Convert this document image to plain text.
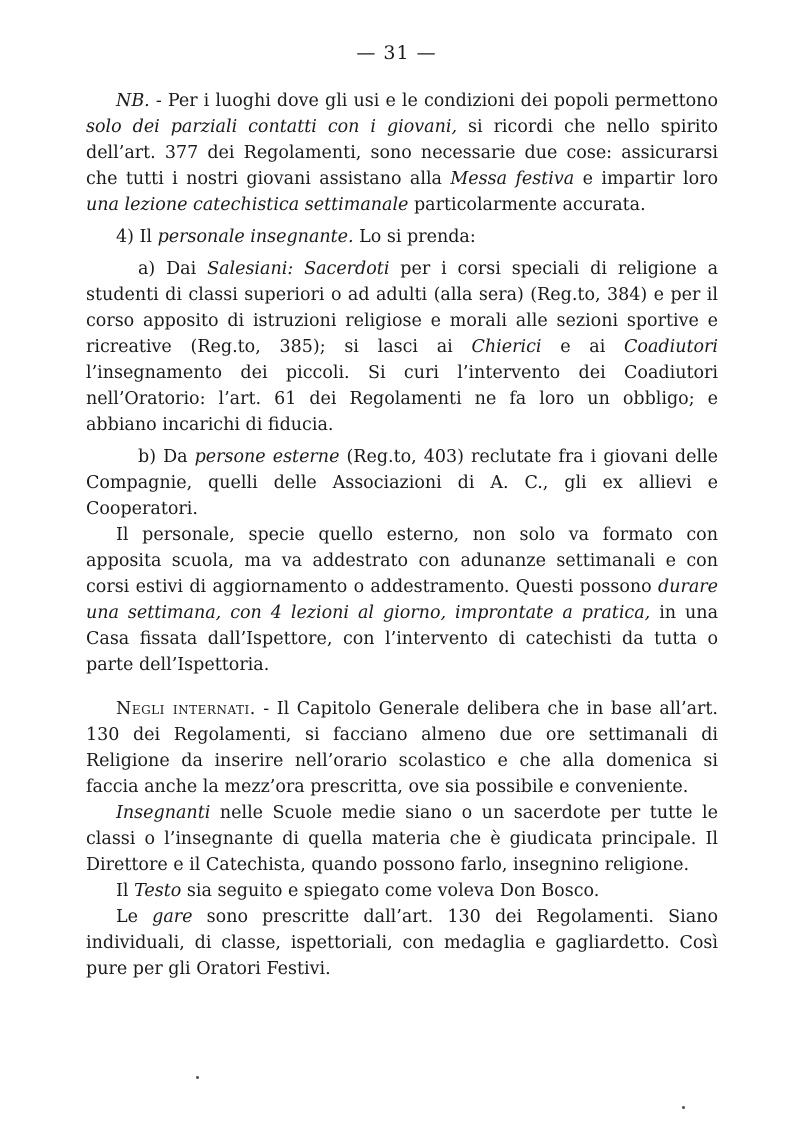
— 31 —

NB. - Per i luoghi dove gli usi e le condizioni dei popoli permettono solo dei parziali contatti con i giovani, si ricordi che nello spirito dell’art. 377 dei Regolamenti, sono necessarie due cose: assicurarsi che tutti i nostri giovani assistano alla Messa festiva e impartir loro una lezione catechistica settimanale particolarmente accurata.

4) Il personale insegnante. Lo si prenda:

a) Dai Salesiani: Sacerdoti per i corsi speciali di religione a studenti di classi superiori o ad adulti (alla sera) (Reg.to, 384) e per il corso apposito di istruzioni religiose e morali alle sezioni sportive e ricreative (Reg.to, 385); si lasci ai Chierici e ai Coadiutori l’insegnamento dei piccoli. Si curi l’intervento dei Coadiutori nell’Oratorio: l’art. 61 dei Regolamenti ne fa loro un obbligo; e abbiano incarichi di fiducia.

b) Da persone esterne (Reg.to, 403) reclutate fra i giovani delle Compagnie, quelli delle Associazioni di A. C., gli ex allievi e Cooperatori.

Il personale, specie quello esterno, non solo va formato con apposita scuola, ma va addestrato con adunanze settimanali e con corsi estivi di aggiornamento o addestramento. Questi possono durare una settimana, con 4 lezioni al giorno, improntate a pratica, in una Casa fissata dall’Ispettore, con l’intervento di catechisti da tutta o parte dell’Ispettoria.

Negli internati. - Il Capitolo Generale delibera che in base all’art. 130 dei Regolamenti, si facciano almeno due ore settimanali di Religione da inserire nell’orario scolastico e che alla domenica si faccia anche la mezz’ora prescritta, ove sia possibile e conveniente.

Insegnanti nelle Scuole medie siano o un sacerdote per tutte le classi o l’insegnante di quella materia che è giudicata principale. Il Direttore e il Catechista, quando possono farlo, insegnino religione.

Il Testo sia seguito e spiegato come voleva Don Bosco.

Le gare sono prescritte dall’art. 130 dei Regolamenti. Siano individuali, di classe, ispettoriali, con medaglia e gagliardetto. Così pure per gli Oratori Festivi.
